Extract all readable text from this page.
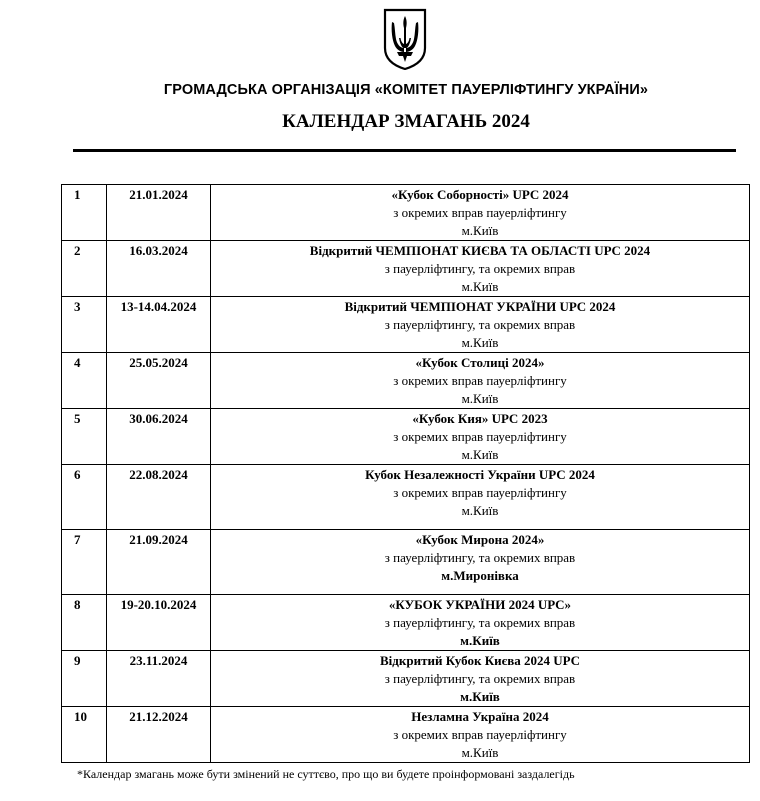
ГРОМАДСЬКА ОРГАНІЗАЦІЯ «КОМІТЕТ ПАУЕРЛІФТИНГУ УКРАЇНИ»
КАЛЕНДАР ЗМАГАНЬ 2024
1	21.01.2024	«Кубок Соборності» UPC 2024
з окремих вправ пауерліфтингу
м.Київ

2	16.03.2024	Відкритий ЧЕМПІОНАТ КИЄВА ТА ОБЛАСТІ UPC 2024
з пауерліфтингу, та окремих вправ
м.Київ

3	13-14.04.2024	Відкритий ЧЕМПІОНАТ УКРАЇНИ UPC 2024
з пауерліфтингу, та окремих вправ
м.Київ

4	25.05.2024	«Кубок Столиці 2024»
з окремих вправ пауерліфтингу
м.Київ

5	30.06.2024	«Кубок Кия» UPC 2023
з окремих вправ пауерліфтингу
м.Київ

6	22.08.2024	Кубок Незалежності України UPC 2024
з окремих вправ пауерліфтингу
м.Київ

7	21.09.2024	«Кубок Мирона 2024»
з пауерліфтингу, та окремих вправ
м.Миронівка

8	19-20.10.2024	«КУБОК УКРАЇНИ 2024 UPC»
з пауерліфтингу, та окремих вправ
м.Київ

9	23.11.2024	Відкритий Кубок Києва 2024 UPC
з пауерліфтингу, та окремих вправ
м.Київ

10	21.12.2024	Незламна Україна 2024
з окремих вправ пауерліфтингу
м.Київ
*Календар змагань може бути змінений не суттєво, про що ви будете проінформовані заздалегідь
